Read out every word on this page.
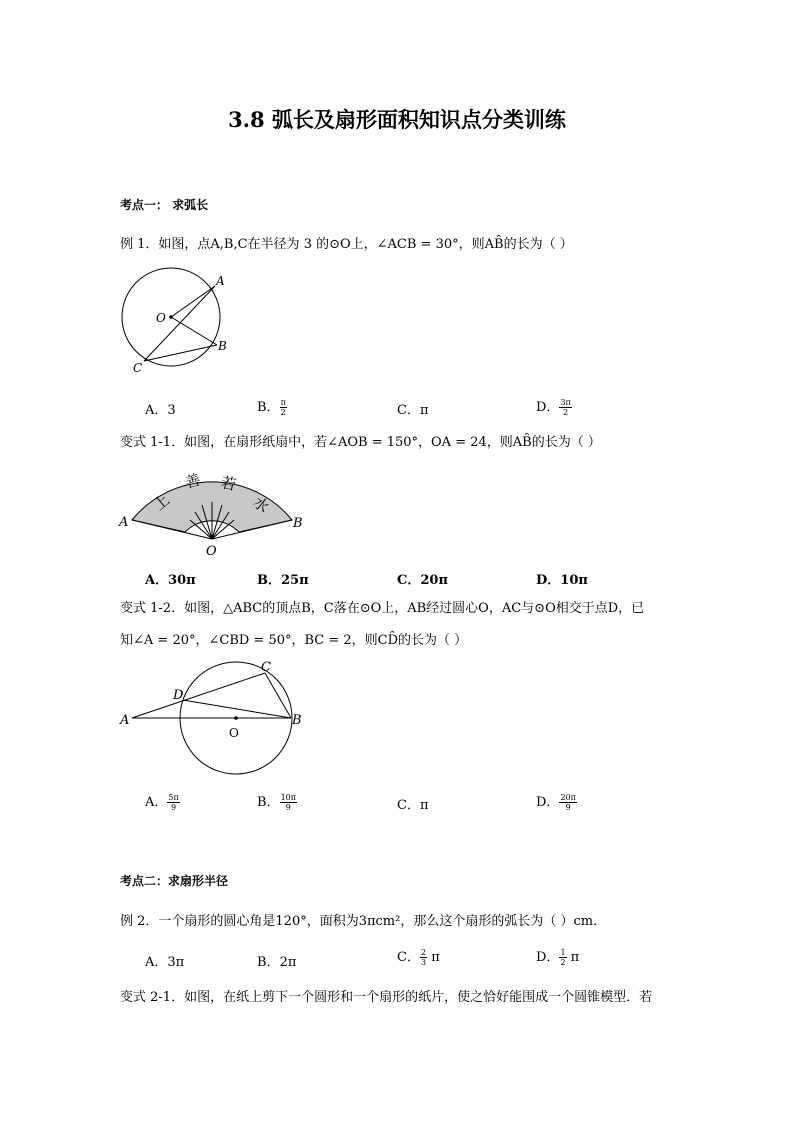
3.8 弧长及扇形面积知识点分类训练
考点一： 求弧长
例 1．如图，点A,B,C在半径为 3 的⊙O上，∠ACB = 30°，则AB̑的长为（ ）
A
B
C
O
A．3	B． $\frac{\pi}{2}$	C．π	D． $\frac{3\pi}{2}$
变式 1-1．如图，在扇形纸扇中，若∠AOB = 150°，OA = 24，则AB̑的长为（ ）
上
善 若
水
A	B
O
A．30π	B．25π	C．20π	D．10π
变式 1-2．如图，△ABC的顶点B，C落在⊙O上，AB经过圆心O，AC与⊙O相交于点D，已
知∠A = 20°，∠CBD = 50°，BC = 2，则CD̑的长为（ ）
A	B
C
D
O
A． $\frac{5\pi}{9}$	B． $\frac{10\pi}{9}$	C．π	D． $\frac{20\pi}{9}$
考点二：求扇形半径
例 2．一个扇形的圆心角是120°，面积为3πcm²，那么这个扇形的弧长为（ ）cm．
A．3π	B．2π	C． $\frac{2}{3}$ π	D． $\frac{1}{2}$ π
变式 2-1．如图，在纸上剪下一个圆形和一个扇形的纸片，使之恰好能围成一个圆锥模型．若
